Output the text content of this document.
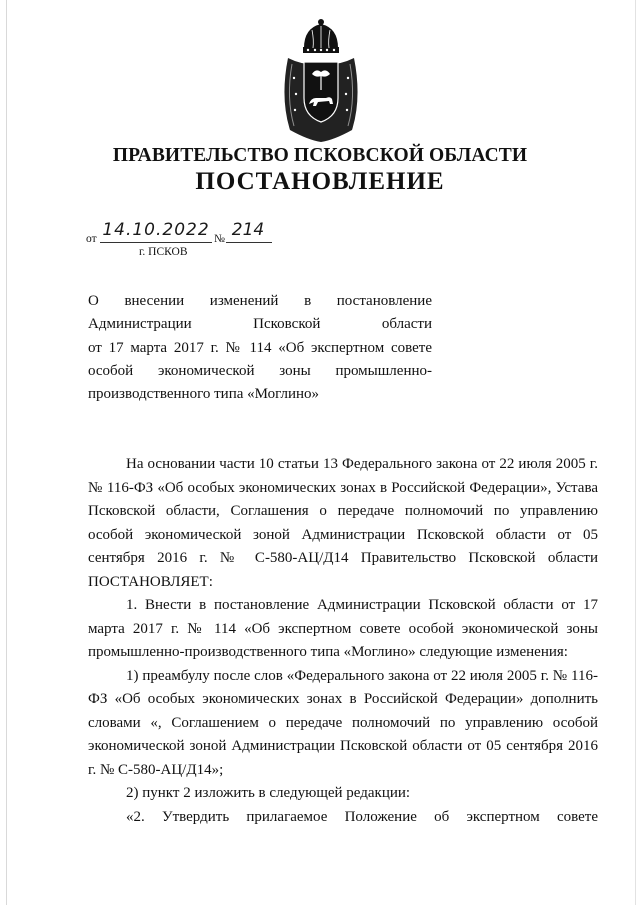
ПРАВИТЕЛЬСТВО ПСКОВСКОЙ ОБЛАСТИ
ПОСТАНОВЛЕНИЕ
от 14.10.2022 № 214
г. ПСКОВ
О внесении изменений в постановление
Администрации Псковской области
от 17 марта 2017 г. № 114 «Об экспертном совете
особой экономической зоны промышленно-
производственного типа «Моглино»

На основании части 10 статьи 13 Федерального закона от 22 июля 2005 г. № 116-ФЗ «Об особых экономических зонах в Российской Федерации», Устава Псковской области, Соглашения о передаче полномочий по управлению особой экономической зоной Администрации Псковской области от 05 сентября 2016 г. № С-580-АЦ/Д14 Правительство Псковской области ПОСТАНОВЛЯЕТ:

1. Внести в постановление Администрации Псковской области от 17 марта 2017 г. № 114 «Об экспертном совете особой экономической зоны промышленно-производственного типа «Моглино» следующие изменения:

1) преамбулу после слов «Федерального закона от 22 июля 2005 г. № 116-ФЗ «Об особых экономических зонах в Российской Федерации» дополнить словами «, Соглашением о передаче полномочий по управлению особой экономической зоной Администрации Псковской области от 05 сентября 2016 г. № С-580-АЦ/Д14»;

2) пункт 2 изложить в следующей редакции:

«2. Утвердить прилагаемое Положение об экспертном совете
